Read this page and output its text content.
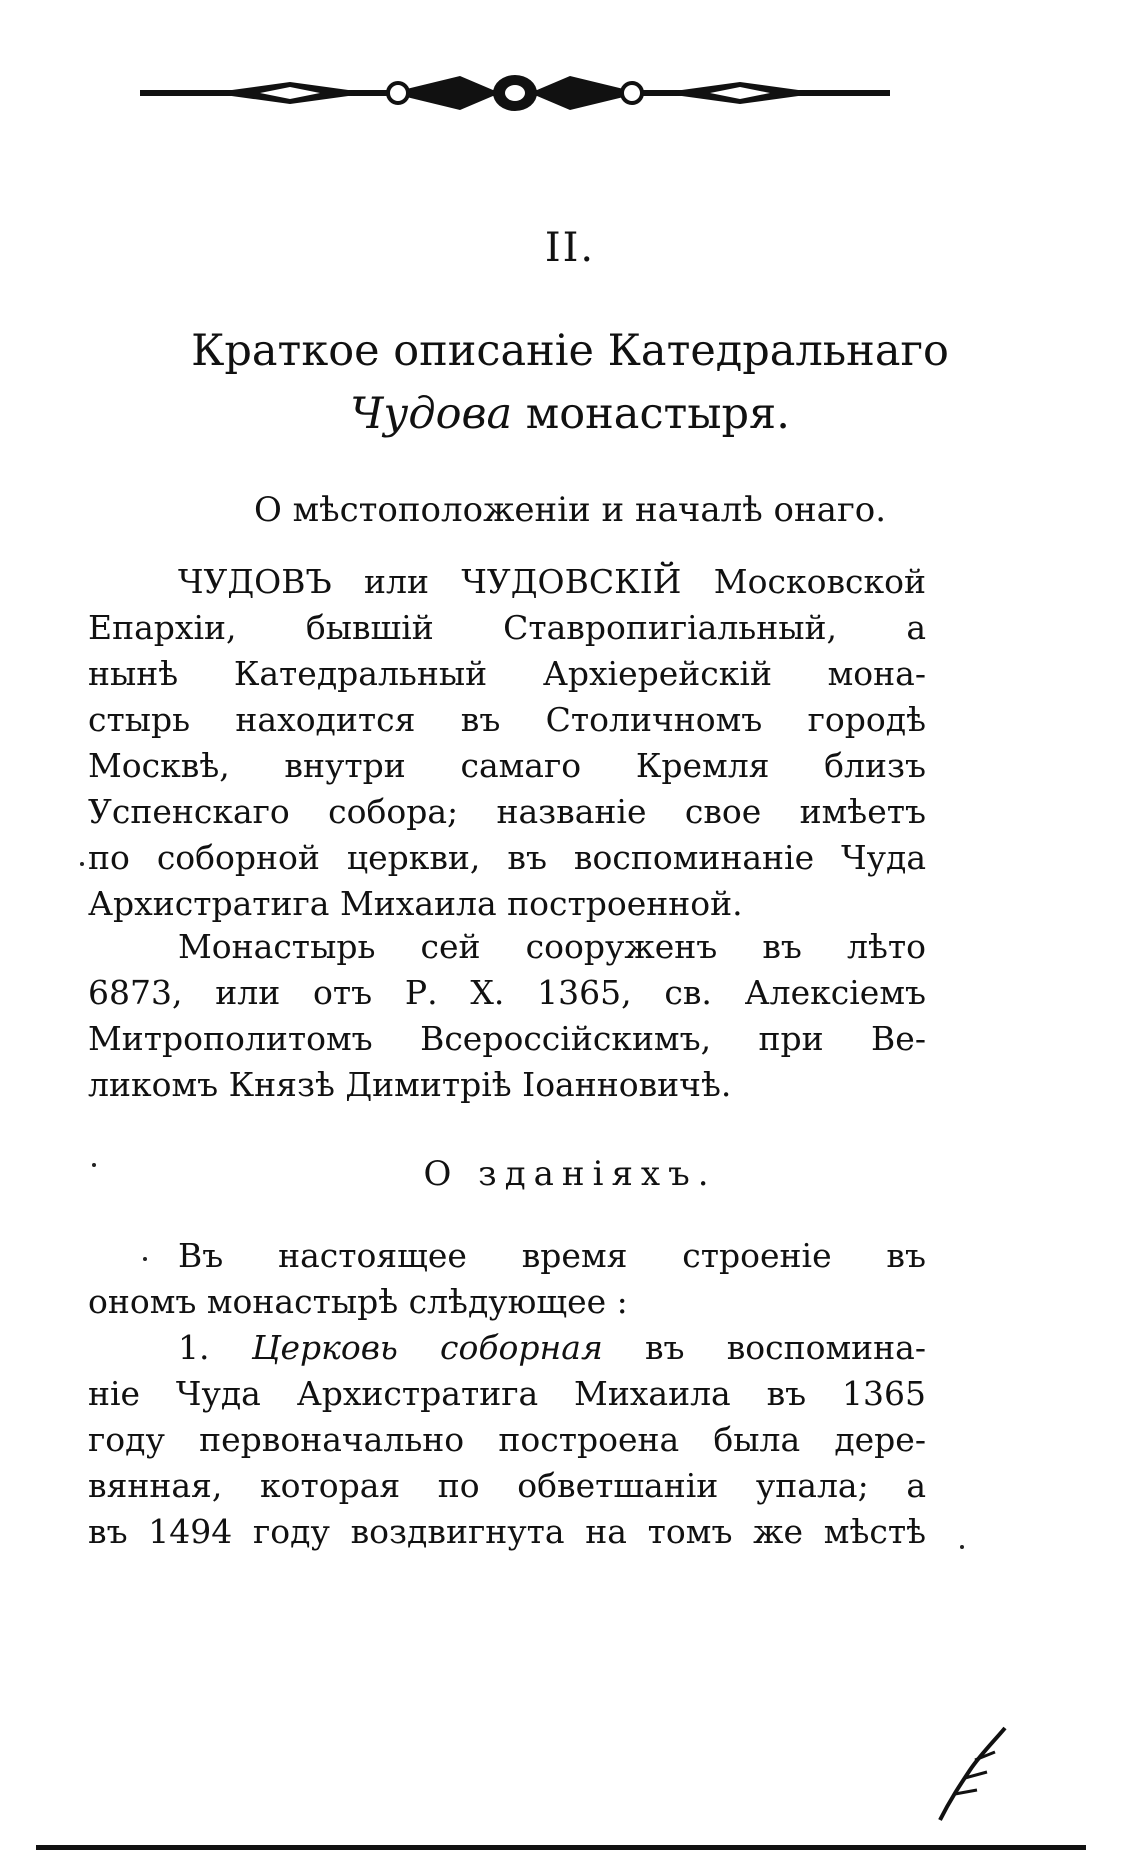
II.
Краткое описаніе Катедральнаго
Чудова монастыря.
О мѣстоположеніи и началѣ онаго.
ЧУДОВЪ или ЧУДОВСКІЙ Московской
Епархіи, бывшій Ставропигіальный, а
нынѣ Катедральный Архіерейскій мона-
стырь находится въ Столичномъ городѣ
Москвѣ, внутри самаго Кремля близъ
Успенскаго собора; названіе свое имѣетъ
по соборной церкви, въ воспоминаніе Чуда
Архистратига Михаила построенной.
Монастырь сей сооруженъ въ лѣто
6873, или отъ Р. Х. 1365, св. Алексіемъ
Митрополитомъ Всероссійскимъ, при Ве-
ликомъ Князѣ Димитріѣ Іоанновичѣ.
О зданіяхъ.
Въ настоящее время строеніе въ
ономъ монастырѣ слѣдующее :
1. Церковь соборная въ воспомина-
ніе Чуда Архистратига Михаила въ 1365
году первоначально построена была дере-
вянная, которая по обветшаніи упала; а
въ 1494 году воздвигнута на томъ же мѣстѣ
